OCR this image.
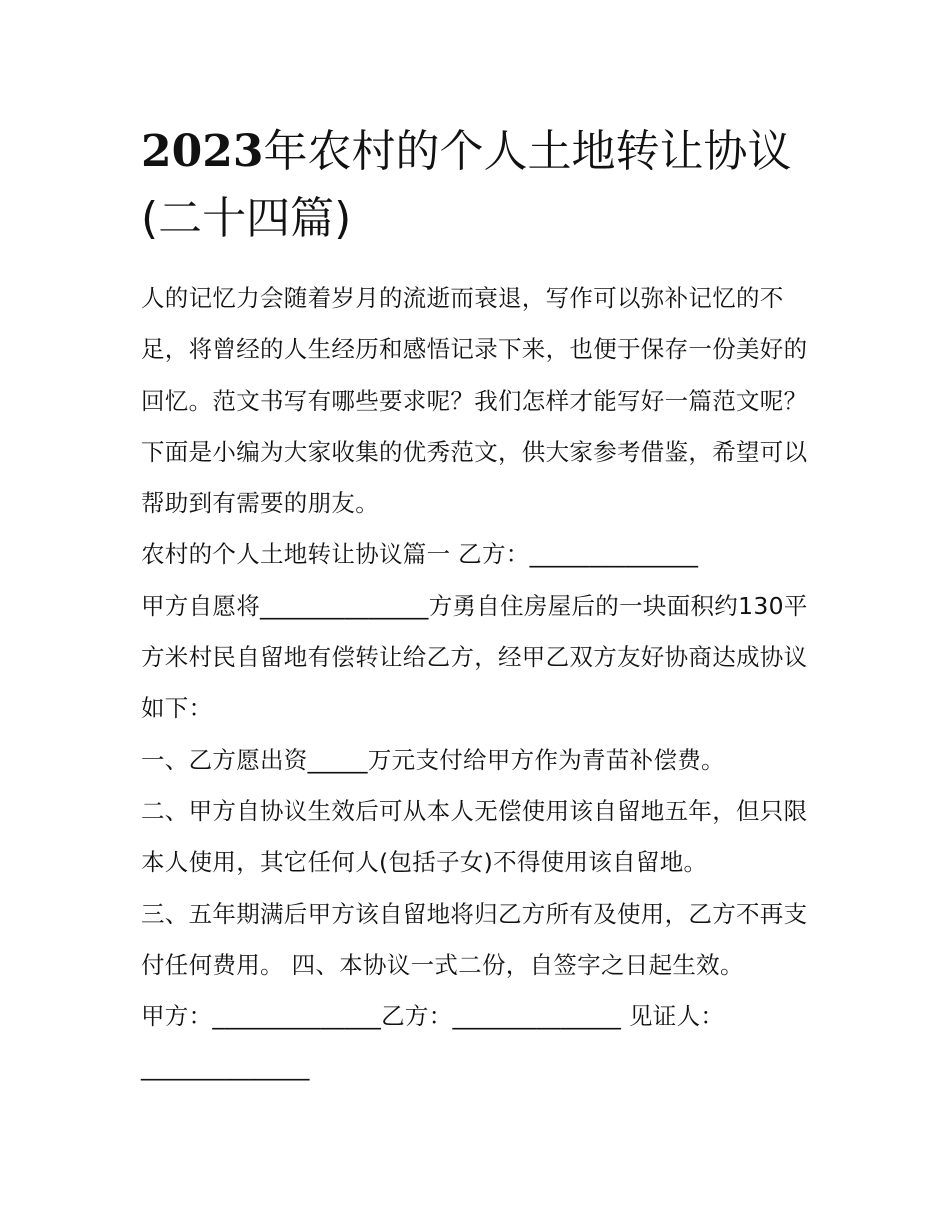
2023年农村的个人土地转让协议(二十四篇)

人的记忆力会随着岁月的流逝而衰退，写作可以弥补记忆的不足，将曾经的人生经历和感悟记录下来，也便于保存一份美好的回忆。范文书写有哪些要求呢？我们怎样才能写好一篇范文呢？下面是小编为大家收集的优秀范文，供大家参考借鉴，希望可以帮助到有需要的朋友。

农村的个人土地转让协议篇一 乙方：______________

甲方自愿将______________方勇自住房屋后的一块面积约130平方米村民自留地有偿转让给乙方，经甲乙双方友好协商达成协议如下：

一、乙方愿出资_____万元支付给甲方作为青苗补偿费。

二、甲方自协议生效后可从本人无偿使用该自留地五年，但只限本人使用，其它任何人(包括子女)不得使用该自留地。

三、五年期满后甲方该自留地将归乙方所有及使用，乙方不再支付任何费用。 四、本协议一式二份，自签字之日起生效。

甲方：______________乙方：______________ 见证人：______________
